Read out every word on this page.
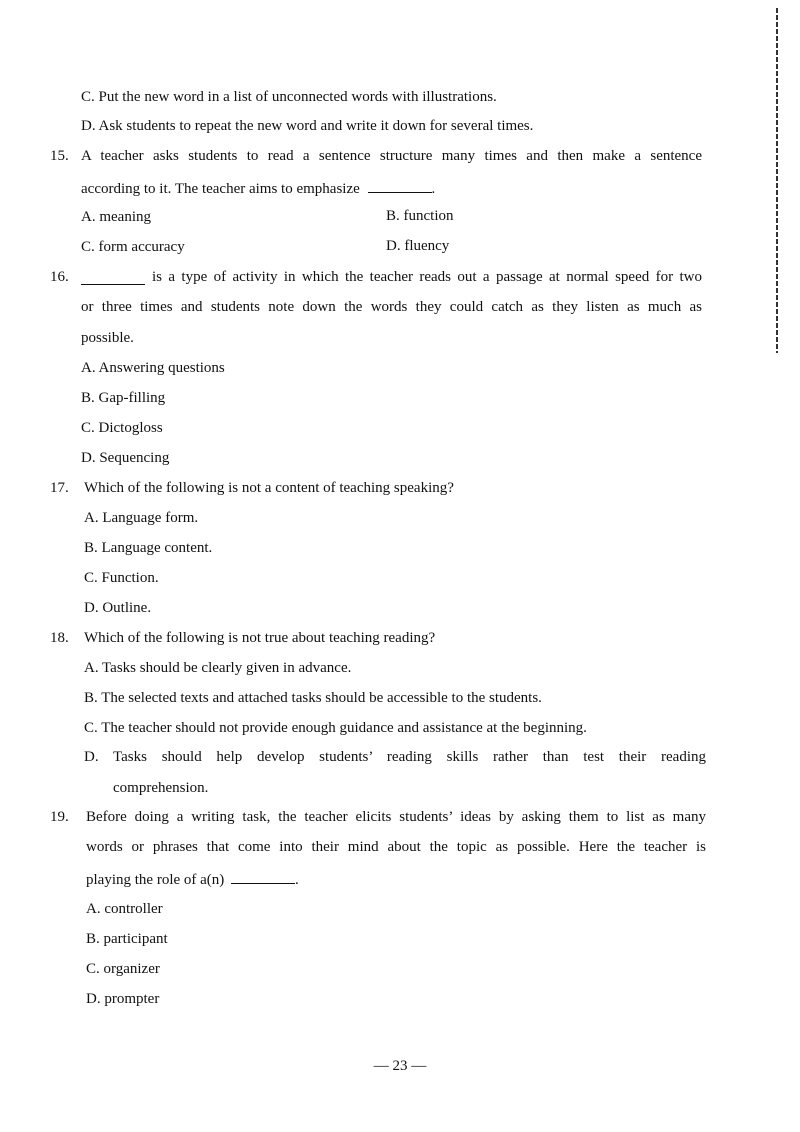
C. Put the new word in a list of unconnected words with illustrations.
D. Ask students to repeat the new word and write it down for several times.
15. A teacher asks students to read a sentence structure many times and then make a sentence
according to it. The teacher aims to emphasize	.
A. meaning	B. function
C. form accuracy	D. fluency
16.	is a type of activity in which the teacher reads out a passage at normal speed for two
or three times and students note down the words they could catch as they listen as much as
possible.
A. Answering questions
B. Gap-filling
C. Dictogloss
D. Sequencing
17. Which of the following is not a content of teaching speaking?
A. Language form.
B. Language content.
C. Function.
D. Outline.
18. Which of the following is not true about teaching reading?
A. Tasks should be clearly given in advance.
B. The selected texts and attached tasks should be accessible to the students.
C. The teacher should not provide enough guidance and assistance at the beginning.
D. Tasks should help develop students’ reading skills rather than test their reading
comprehension.
19. Before doing a writing task, the teacher elicits students’ ideas by asking them to list as many
words or phrases that come into their mind about the topic as possible. Here the teacher is
playing the role of a(n)	.
A. controller
B. participant
C. organizer
D. prompter
— 23 —
